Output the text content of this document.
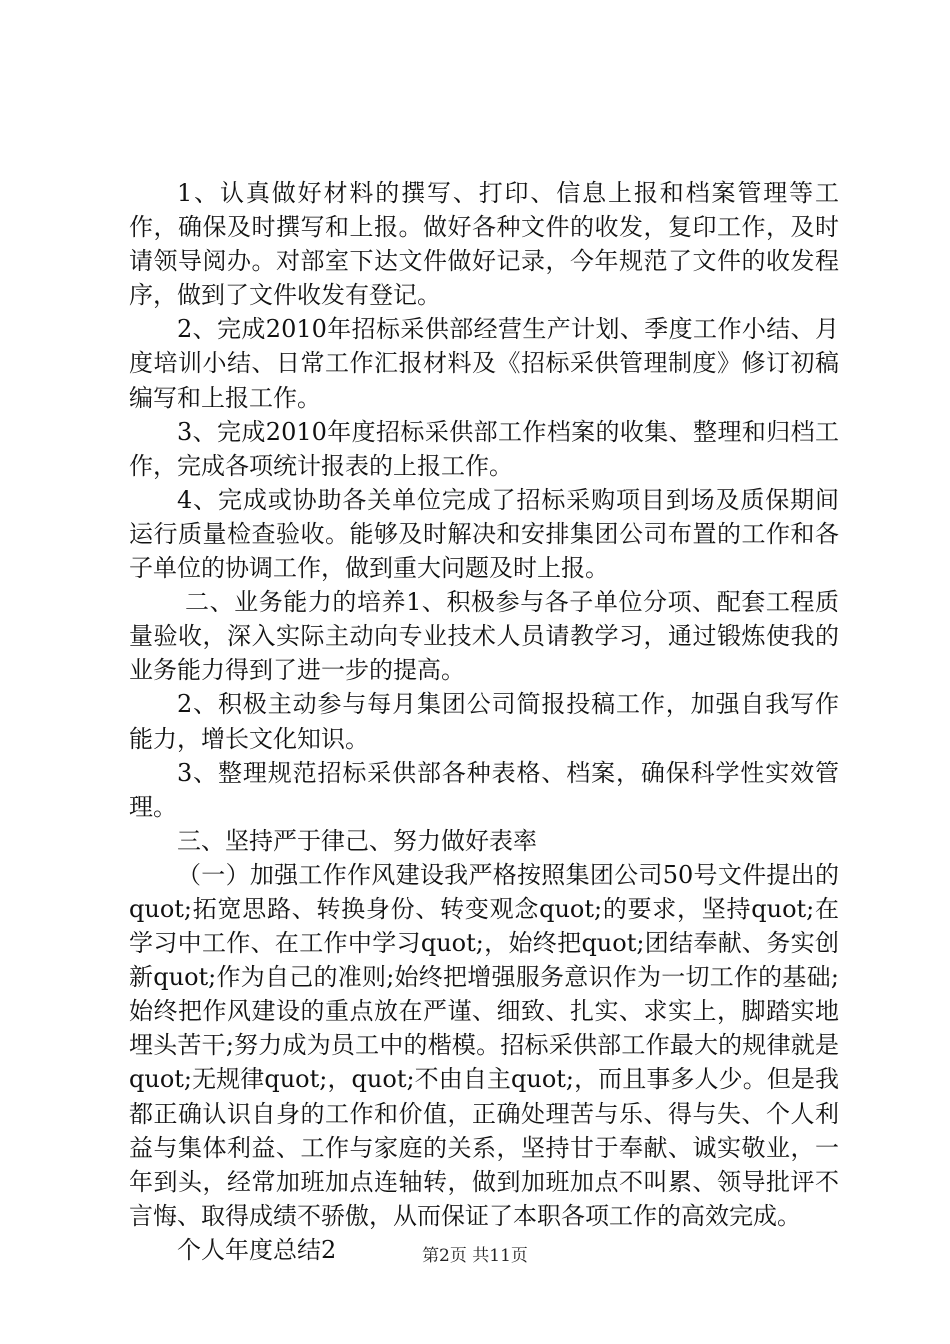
1、认真做好材料的撰写、打印、信息上报和档案管理等工作，确保及时撰写和上报。做好各种文件的收发，复印工作，及时请领导阅办。对部室下达文件做好记录，今年规范了文件的收发程序，做到了文件收发有登记。

2、完成2010年招标采供部经营生产计划、季度工作小结、月度培训小结、日常工作汇报材料及《招标采供管理制度》修订初稿编写和上报工作。

3、完成2010年度招标采供部工作档案的收集、整理和归档工作，完成各项统计报表的上报工作。

4、完成或协助各关单位完成了招标采购项目到场及质保期间运行质量检查验收。能够及时解决和安排集团公司布置的工作和各子单位的协调工作，做到重大问题及时上报。

二、业务能力的培养1、积极参与各子单位分项、配套工程质量验收，深入实际主动向专业技术人员请教学习，通过锻炼使我的业务能力得到了进一步的提高。

2、积极主动参与每月集团公司简报投稿工作，加强自我写作能力，增长文化知识。

3、整理规范招标采供部各种表格、档案，确保科学性实效管理。

三、坚持严于律己、努力做好表率

（一）加强工作作风建设我严格按照集团公司50号文件提出的quot;拓宽思路、转换身份、转变观念quot;的要求，坚持quot;在学习中工作、在工作中学习quot;，始终把quot;团结奉献、务实创新quot;作为自己的准则;始终把增强服务意识作为一切工作的基础;始终把作风建设的重点放在严谨、细致、扎实、求实上，脚踏实地埋头苦干;努力成为员工中的楷模。招标采供部工作最大的规律就是quot;无规律quot;，quot;不由自主quot;，而且事多人少。但是我都正确认识自身的工作和价值，正确处理苦与乐、得与失、个人利益与集体利益、工作与家庭的关系，坚持甘于奉献、诚实敬业，一年到头，经常加班加点连轴转，做到加班加点不叫累、领导批评不言悔、取得成绩不骄傲，从而保证了本职各项工作的高效完成。

个人年度总结2	第2页 共11页
